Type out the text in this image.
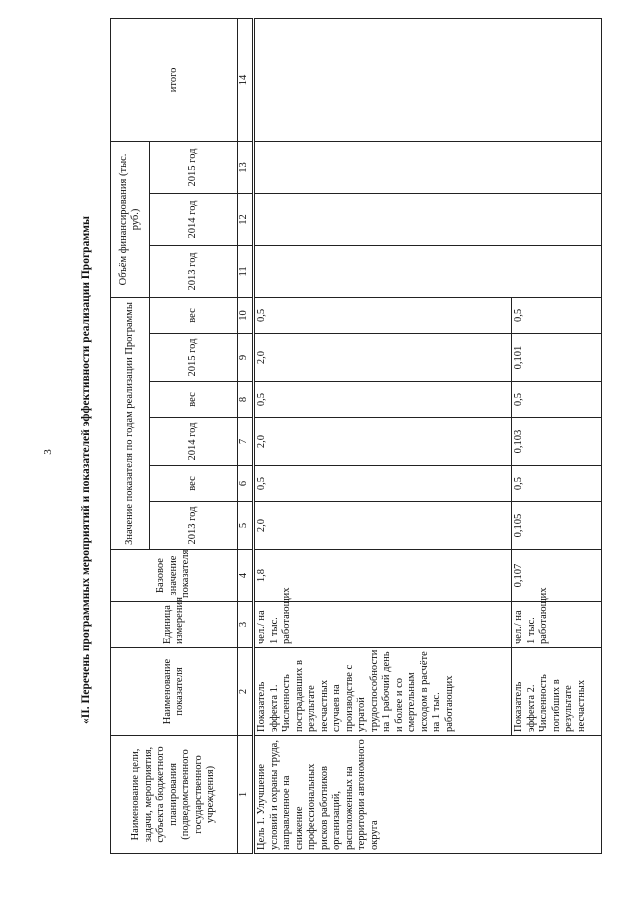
3 «II. Перечень программных мероприятий и показателей эффективности реализации Программы
Наименование цели, задачи, мероприятия, субъекта бюджетного планирования (подведомственного государственного учреждения)	Наименование показателя	Единица измерения	Базовое значение показателя	Значение показателя по годам реализации Программы						Объём финансирования (тыс. руб.)			итого
				2013 год	вес	2014 год	вес	2015 год	вес	2013 год	2014 год	2015 год	
1	2	3	4	5	6	7	8	9	10	11	12	13	14
Цель 1. Улучшение условий и охраны труда, направленное на снижение профессиональных рисков работников организаций, расположенных на территории автономного округа	Показатель эффекта 1. Численность пострадавших в результате несчастных случаев на производстве с утратой трудоспособности на 1 рабочий день и более и со смертельным исходом в расчёте на 1 тыс. работающих	чел./ на 1 тыс. работающих	1,8	2,0	0,5	2,0	0,5	2,0	0,5				
	Показатель эффекта 2. Численность погибших в результате несчастных	чел./ на 1 тыс. работающих	0,107	0,105	0,5	0,103	0,5	0,101	0,5				
